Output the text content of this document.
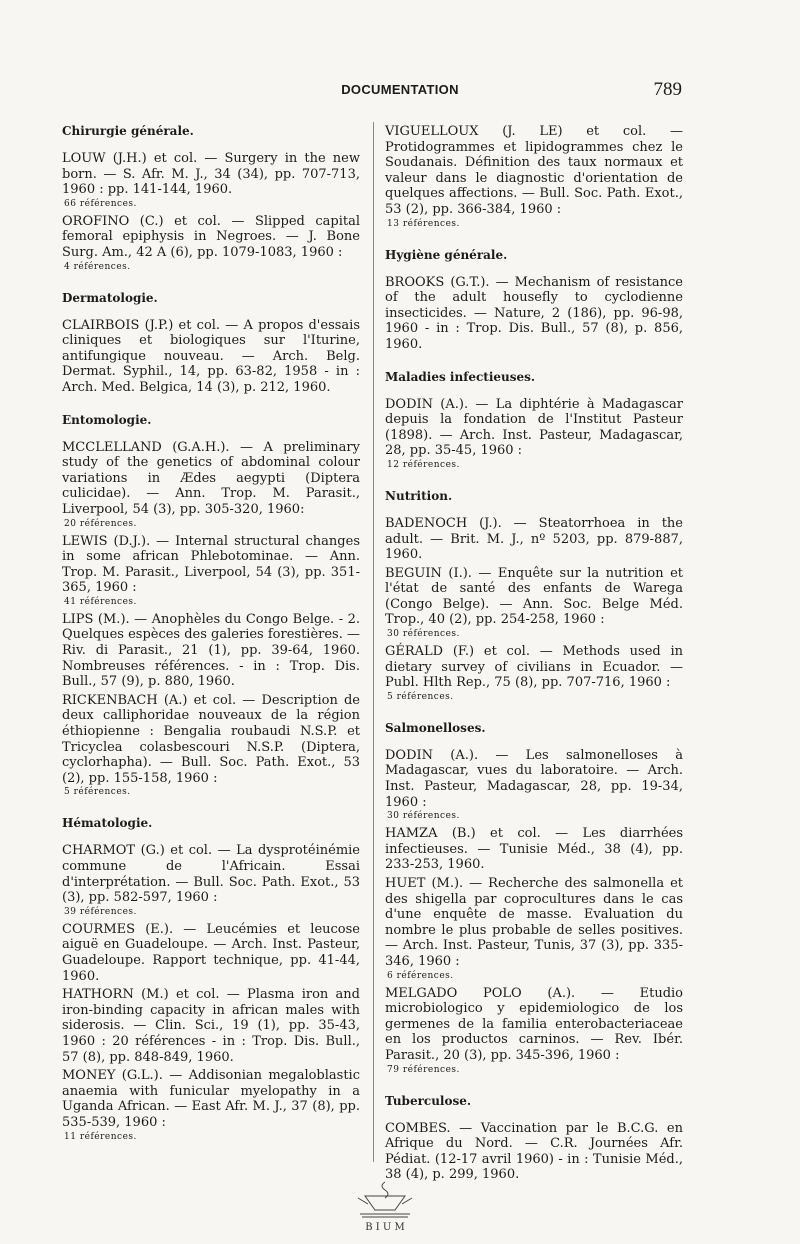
DOCUMENTATION	789
Chirurgie générale.

LOUW (J.H.) et col. — Surgery in the new born. — S. Afr. M. J., 34 (34), pp. 707-713, 1960 : pp. 141-144, 1960.

66 références.

OROFINO (C.) et col. — Slipped capital femoral epiphysis in Negroes. — J. Bone Surg. Am., 42 A (6), pp. 1079-1083, 1960 :

4 références.
Dermatologie.

CLAIRBOIS (J.P.) et col. — A propos d'essais cliniques et biologiques sur l'Iturine, antifungique nouveau. — Arch. Belg. Dermat. Syphil., 14, pp. 63-82, 1958 - in : Arch. Med. Belgica, 14 (3), p. 212, 1960.

Entomologie.

MCCLELLAND (G.A.H.). — A preliminary study of the genetics of abdominal colour variations in Ædes aegypti (Diptera culicidae). — Ann. Trop. M. Parasit., Liverpool, 54 (3), pp. 305-320, 1960:

20 références.

LEWIS (D.J.). — Internal structural changes in some african Phlebotominae. — Ann. Trop. M. Parasit., Liverpool, 54 (3), pp. 351-365, 1960 :

41 références.

LIPS (M.). — Anophèles du Congo Belge. - 2. Quelques espèces des galeries forestières. — Riv. di Parasit., 21 (1), pp. 39-64, 1960. Nombreuses références. - in : Trop. Dis. Bull., 57 (9), p. 880, 1960.

RICKENBACH (A.) et col. — Description de deux calliphoridae nouveaux de la région éthiopienne : Bengalia roubaudi N.S.P. et Tricyclea colasbescouri N.S.P. (Diptera, cyclorhapha). — Bull. Soc. Path. Exot., 53 (2), pp. 155-158, 1960 :

5 références.
Hématologie.

CHARMOT (G.) et col. — La dysprotéinémie commune de l'Africain. Essai d'interprétation. — Bull. Soc. Path. Exot., 53 (3), pp. 582-597, 1960 :

39 références.

COURMES (E.). — Leucémies et leucose aiguë en Guadeloupe. — Arch. Inst. Pasteur, Guadeloupe. Rapport technique, pp. 41-44, 1960.

HATHORN (M.) et col. — Plasma iron and iron-binding capacity in african males with siderosis. — Clin. Sci., 19 (1), pp. 35-43, 1960 : 20 références - in : Trop. Dis. Bull., 57 (8), pp. 848-849, 1960.

MONEY (G.L.). — Addisonian megaloblastic anaemia with funicular myelopathy in a Uganda African. — East Afr. M. J., 37 (8), pp. 535-539, 1960 :

11 références.

VIGUELLOUX (J. LE) et col. — Protidogrammes et lipidogrammes chez le Soudanais. Définition des taux normaux et valeur dans le diagnostic d'orientation de quelques affections. — Bull. Soc. Path. Exot., 53 (2), pp. 366-384, 1960 :

13 références.
Hygiène générale.

BROOKS (G.T.). — Mechanism of resistance of the adult housefly to cyclodienne insecticides. — Nature, 2 (186), pp. 96-98, 1960 - in : Trop. Dis. Bull., 57 (8), p. 856, 1960.

Maladies infectieuses.

DODIN (A.). — La diphtérie à Madagascar depuis la fondation de l'Institut Pasteur (1898). — Arch. Inst. Pasteur, Madagascar, 28, pp. 35-45, 1960 :

12 références.
Nutrition.

BADENOCH (J.). — Steatorrhoea in the adult. — Brit. M. J., nº 5203, pp. 879-887, 1960.

BEGUIN (I.). — Enquête sur la nutrition et l'état de santé des enfants de Warega (Congo Belge). — Ann. Soc. Belge Méd. Trop., 40 (2), pp. 254-258, 1960 :

30 références.

GÉRALD (F.) et col. — Methods used in dietary survey of civilians in Ecuador. — Publ. Hlth Rep., 75 (8), pp. 707-716, 1960 :

5 références.
Salmonelloses.

DODIN (A.). — Les salmonelloses à Madagascar, vues du laboratoire. — Arch. Inst. Pasteur, Madagascar, 28, pp. 19-34, 1960 :

30 références.

HAMZA (B.) et col. — Les diarrhées infectieuses. — Tunisie Méd., 38 (4), pp. 233-253, 1960.

HUET (M.). — Recherche des salmonella et des shigella par coprocultures dans le cas d'une enquête de masse. Evaluation du nombre le plus probable de selles positives. — Arch. Inst. Pasteur, Tunis, 37 (3), pp. 335-346, 1960 :

6 références.

MELGADO POLO (A.). — Etudio microbiologico y epidemiologico de los germenes de la familia enterobacteriaceae en los productos carninos. — Rev. Ibér. Parasit., 20 (3), pp. 345-396, 1960 :

79 références.
Tuberculose.

COMBES. — Vaccination par le B.C.G. en Afrique du Nord. — C.R. Journées Afr. Pédiat. (12-17 avril 1960) - in : Tunisie Méd., 38 (4), p. 299, 1960.

B I U M
